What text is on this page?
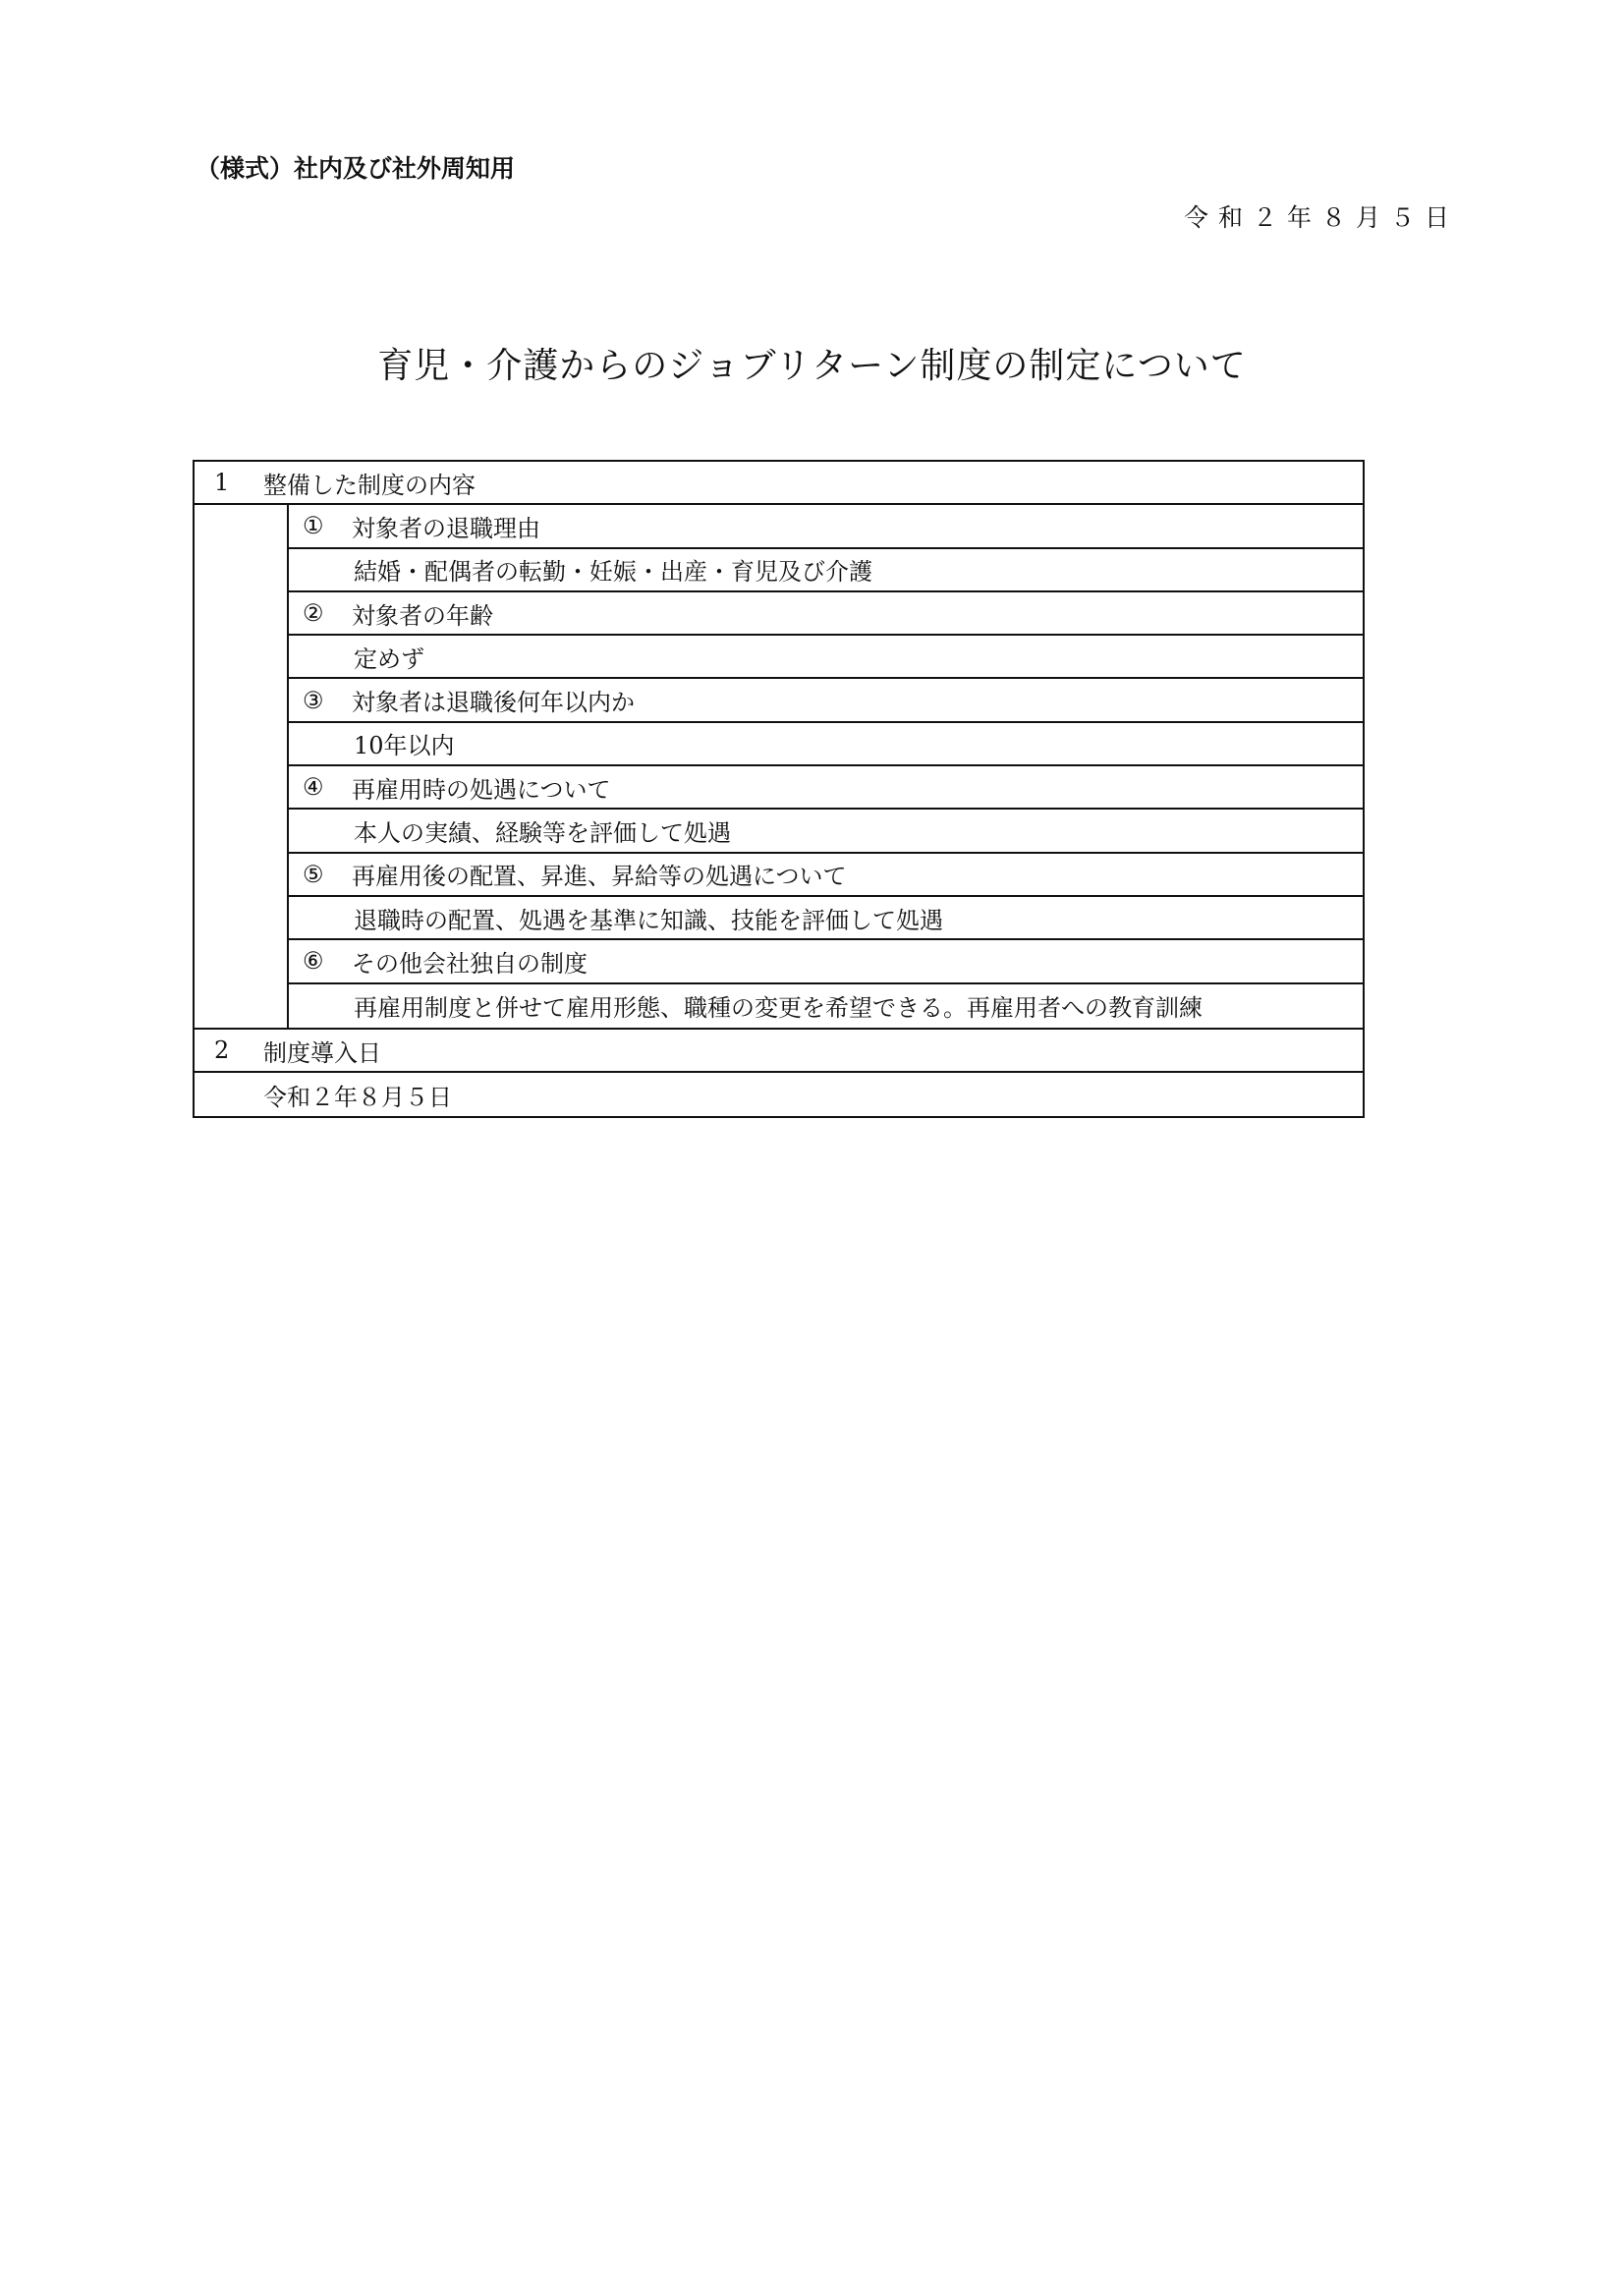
（様式）社内及び社外周知用
令和２年８月５日
育児・介護からのジョブリターン制度の制定について
1	整備した制度の内容
①	対象者の退職理由
結婚・配偶者の転勤・妊娠・出産・育児及び介護
②	対象者の年齢
定めず
③	対象者は退職後何年以内か
10年以内
④	再雇用時の処遇について
本人の実績、経験等を評価して処遇
⑤	再雇用後の配置、昇進、昇給等の処遇について
退職時の配置、処遇を基準に知識、技能を評価して処遇
⑥	その他会社独自の制度
再雇用制度と併せて雇用形態、職種の変更を希望できる。再雇用者への教育訓練
2	制度導入日
令和２年８月５日
